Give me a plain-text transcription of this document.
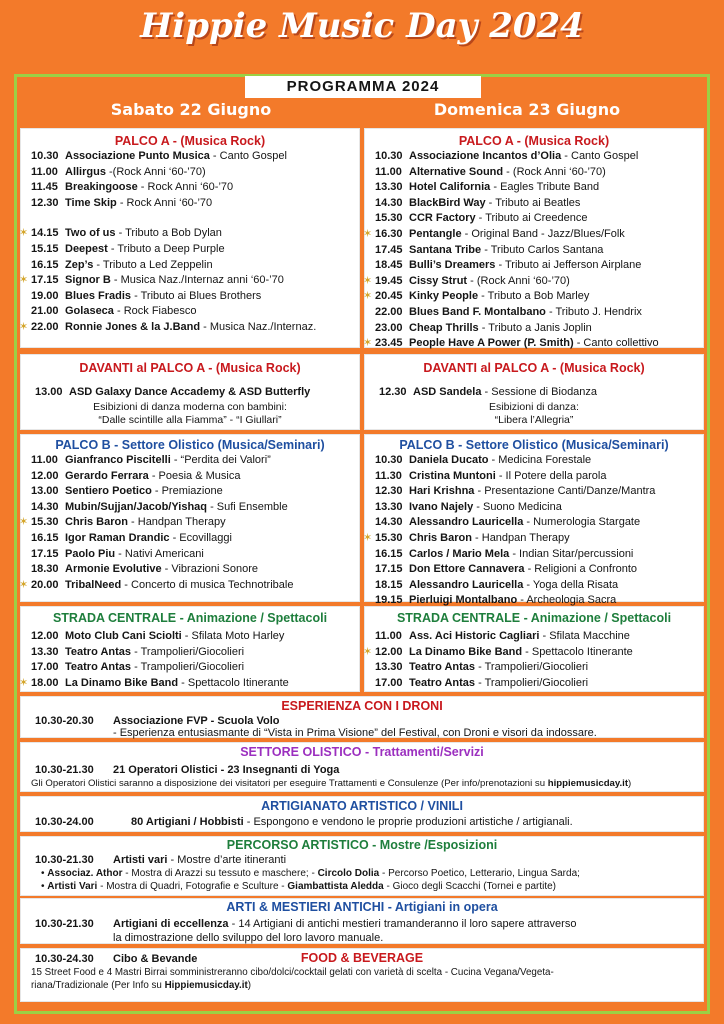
Hippie Music Day 2024
PROGRAMMA 2024
Sabato 22 Giugno	Domenica 23 Giugno
PALCO A - (Musica Rock)
10.30 Associazione Punto Musica - Canto Gospel
11.00 Allirgus -(Rock Anni ‘60-’70)
11.45 Breakingoose - Rock Anni ‘60-’70
12.30 Time Skip - Rock Anni ‘60-’70
✶ 14.15 Two of us - Tributo a Bob Dylan
15.15 Deepest - Tributo a Deep Purple
16.15 Zep’s - Tributo a Led Zeppelin
✶ 17.15 Signor B - Musica Naz./Internaz anni ‘60-’70
19.00 Blues Fradis - Tributo ai Blues Brothers
21.00 Golaseca - Rock Fiabesco
✶ 22.00 Ronnie Jones & la J.Band - Musica Naz./Internaz.
PALCO A - (Musica Rock)
10.30 Associazione Incantos d’Olia - Canto Gospel
11.00 Alternative Sound - (Rock Anni ‘60-’70)
13.30 Hotel California - Eagles Tribute Band
14.30 BlackBird Way - Tributo ai Beatles
15.30 CCR Factory - Tributo ai Creedence
✶ 16.30 Pentangle - Original Band - Jazz/Blues/Folk
17.45 Santana Tribe - Tributo Carlos Santana
18.45 Bulli’s Dreamers - Tributo ai Jefferson Airplane
✶ 19.45 Cissy Strut - (Rock Anni ‘60-’70)
✶ 20.45 Kinky People - Tributo a Bob Marley
22.00 Blues Band F. Montalbano - Tributo J. Hendrix
23.00 Cheap Thrills - Tributo a Janis Joplin
✶ 23.45 People Have A Power (P. Smith) - Canto collettivo
DAVANTI al PALCO A - (Musica Rock)
13.00 ASD Galaxy Dance Accademy & ASD Butterfly
Esibizioni di danza moderna con bambini:
“Dalle scintille alla Fiamma” - “I Giullari”
DAVANTI al PALCO A - (Musica Rock)
12.30 ASD Sandela - Sessione di Biodanza
Esibizioni di danza:
“Libera l’Allegria”
PALCO B - Settore Olistico (Musica/Seminari)
11.00 Gianfranco Piscitelli - “Perdita dei Valori”
12.00 Gerardo Ferrara - Poesia & Musica
13.00 Sentiero Poetico - Premiazione
14.30 Mubin/Sujjan/Jacob/Yishaq - Sufi Ensemble
✶ 15.30 Chris Baron - Handpan Therapy
16.15 Igor Raman Drandic - Ecovillaggi
17.15 Paolo Piu - Nativi Americani
18.30 Armonie Evolutive - Vibrazioni Sonore
✶ 20.00 TribalNeed - Concerto di musica Technotribale
PALCO B - Settore Olistico (Musica/Seminari)
10.30 Daniela Ducato - Medicina Forestale
11.30 Cristina Muntoni - Il Potere della parola
12.30 Hari Krishna - Presentazione Canti/Danze/Mantra
13.30 Ivano Najely - Suono Medicina
14.30 Alessandro Lauricella - Numerologia Stargate
✶ 15.30 Chris Baron - Handpan Therapy
16.15 Carlos / Mario Mela - Indian Sitar/percussioni
17.15 Don Ettore Cannavera - Religioni a Confronto
18.15 Alessandro Lauricella - Yoga della Risata
19.15 Pierluigi Montalbano - Archeologia Sacra
STRADA CENTRALE - Animazione / Spettacoli
12.00 Moto Club Cani Sciolti - Sfilata Moto Harley
13.30 Teatro Antas - Trampolieri/Giocolieri
17.00 Teatro Antas - Trampolieri/Giocolieri
✶ 18.00 La Dinamo Bike Band - Spettacolo Itinerante
STRADA CENTRALE - Animazione / Spettacoli
11.00 Ass. Aci Historic Cagliari - Sfilata Macchine
✶ 12.00 La Dinamo Bike Band - Spettacolo Itinerante
13.30 Teatro Antas - Trampolieri/Giocolieri
17.00 Teatro Antas - Trampolieri/Giocolieri
ESPERIENZA CON I DRONI
10.30-20.30 Associazione FVP - Scuola Volo
- Esperienza entusiasmante di “Vista in Prima Visione” del Festival, con Droni e visori da indossare.
SETTORE OLISTICO - Trattamenti/Servizi
10.30-21.30 21 Operatori Olistici - 23 Insegnanti di Yoga
Gli Operatori Olistici saranno a disposizione dei visitatori per eseguire Trattamenti e Consulenze (Per info/prenotazioni su hippiemusicday.it)
ARTIGIANATO ARTISTICO / VINILI
10.30-24.00	80 Artigiani / Hobbisti - Espongono e vendono le proprie produzioni artistiche / artigianali.
PERCORSO ARTISTICO - Mostre /Esposizioni
10.30-21.30 Artisti vari - Mostre d’arte itineranti
• Associaz. Athor - Mostra di Arazzi su tessuto e maschere; - Circolo Dolia - Percorso Poetico, Letterario, Lingua Sarda;
• Artisti Vari - Mostra di Quadri, Fotografie e Sculture - Giambattista Aledda - Gioco degli Scacchi (Tornei e partite)
ARTI & MESTIERI ANTICHI - Artigiani in opera
10.30-21.30 Artigiani di eccellenza - 14 Artigiani di antichi mestieri tramanderanno il loro sapere attraverso
la dimostrazione dello sviluppo del loro lavoro manuale.
FOOD & BEVERAGE
10.30-24.30 Cibo & Bevande
15 Street Food e 4 Mastri Birrai somministreranno cibo/dolci/cocktail gelati con varietà di scelta - Cucina Vegana/Vegeta-
riana/Tradizionale (Per Info su Hippiemusicday.it)
